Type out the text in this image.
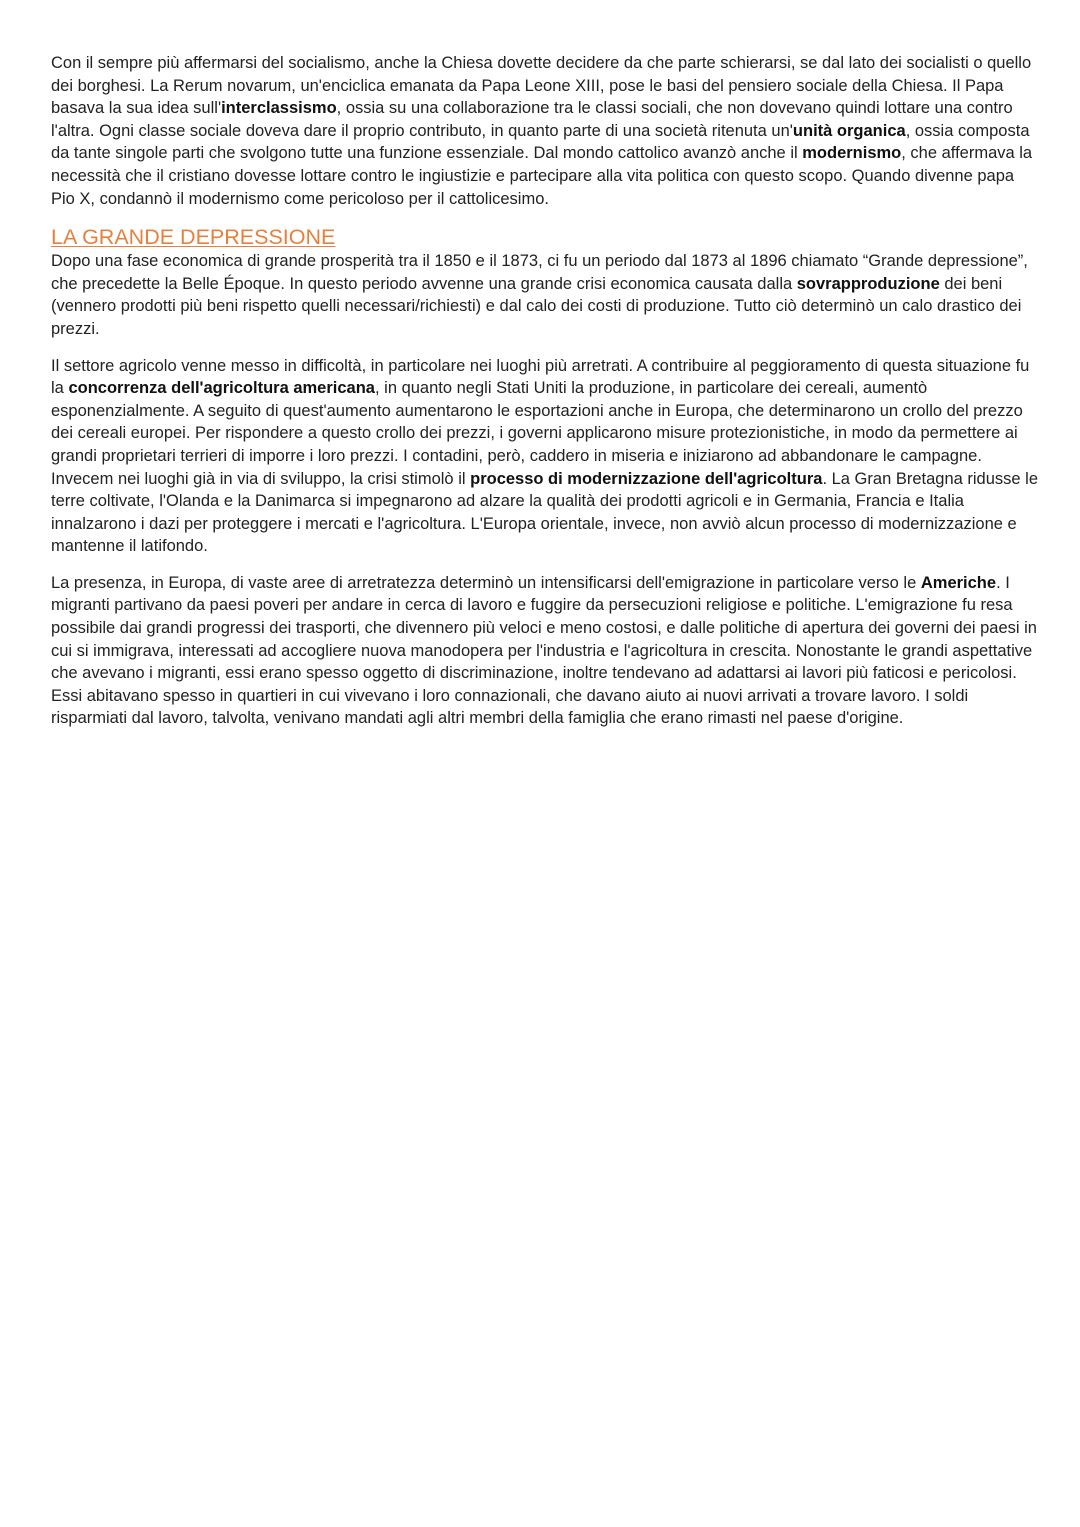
Con il sempre più affermarsi del socialismo, anche la Chiesa dovette decidere da che parte schierarsi, se dal lato dei socialisti o quello dei borghesi. La Rerum novarum, un'enciclica emanata da Papa Leone XIII, pose le basi del pensiero sociale della Chiesa. Il Papa basava la sua idea sull'interclassismo, ossia su una collaborazione tra le classi sociali, che non dovevano quindi lottare una contro l'altra. Ogni classe sociale doveva dare il proprio contributo, in quanto parte di una società ritenuta un'unità organica, ossia composta da tante singole parti che svolgono tutte una funzione essenziale. Dal mondo cattolico avanzò anche il modernismo, che affermava la necessità che il cristiano dovesse lottare contro le ingiustizie e partecipare alla vita politica con questo scopo. Quando divenne papa Pio X, condannò il modernismo come pericoloso per il cattolicesimo.

LA GRANDE DEPRESSIONE

Dopo una fase economica di grande prosperità tra il 1850 e il 1873, ci fu un periodo dal 1873 al 1896 chiamato “Grande depressione”, che precedette la Belle Époque. In questo periodo avvenne una grande crisi economica causata dalla sovrapproduzione dei beni (vennero prodotti più beni rispetto quelli necessari/richiesti) e dal calo dei costi di produzione. Tutto ciò determinò un calo drastico dei prezzi.

Il settore agricolo venne messo in difficoltà, in particolare nei luoghi più arretrati. A contribuire al peggioramento di questa situazione fu la concorrenza dell'agricoltura americana, in quanto negli Stati Uniti la produzione, in particolare dei cereali, aumentò esponenzialmente. A seguito di quest'aumento aumentarono le esportazioni anche in Europa, che determinarono un crollo del prezzo dei cereali europei. Per rispondere a questo crollo dei prezzi, i governi applicarono misure protezionistiche, in modo da permettere ai grandi proprietari terrieri di imporre i loro prezzi. I contadini, però, caddero in miseria e iniziarono ad abbandonare le campagne. Invecem nei luoghi già in via di sviluppo, la crisi stimolò il processo di modernizzazione dell'agricoltura. La Gran Bretagna ridusse le terre coltivate, l'Olanda e la Danimarca si impegnarono ad alzare la qualità dei prodotti agricoli e in Germania, Francia e Italia innalzarono i dazi per proteggere i mercati e l'agricoltura. L'Europa orientale, invece, non avviò alcun processo di modernizzazione e mantenne il latifondo.

La presenza, in Europa, di vaste aree di arretratezza determinò un intensificarsi dell'emigrazione in particolare verso le Americhe. I migranti partivano da paesi poveri per andare in cerca di lavoro e fuggire da persecuzioni religiose e politiche. L'emigrazione fu resa possibile dai grandi progressi dei trasporti, che divennero più veloci e meno costosi, e dalle politiche di apertura dei governi dei paesi in cui si immigrava, interessati ad accogliere nuova manodopera per l'industria e l'agricoltura in crescita. Nonostante le grandi aspettative che avevano i migranti, essi erano spesso oggetto di discriminazione, inoltre tendevano ad adattarsi ai lavori più faticosi e pericolosi. Essi abitavano spesso in quartieri in cui vivevano i loro connazionali, che davano aiuto ai nuovi arrivati a trovare lavoro. I soldi risparmiati dal lavoro, talvolta, venivano mandati agli altri membri della famiglia che erano rimasti nel paese d'origine.
